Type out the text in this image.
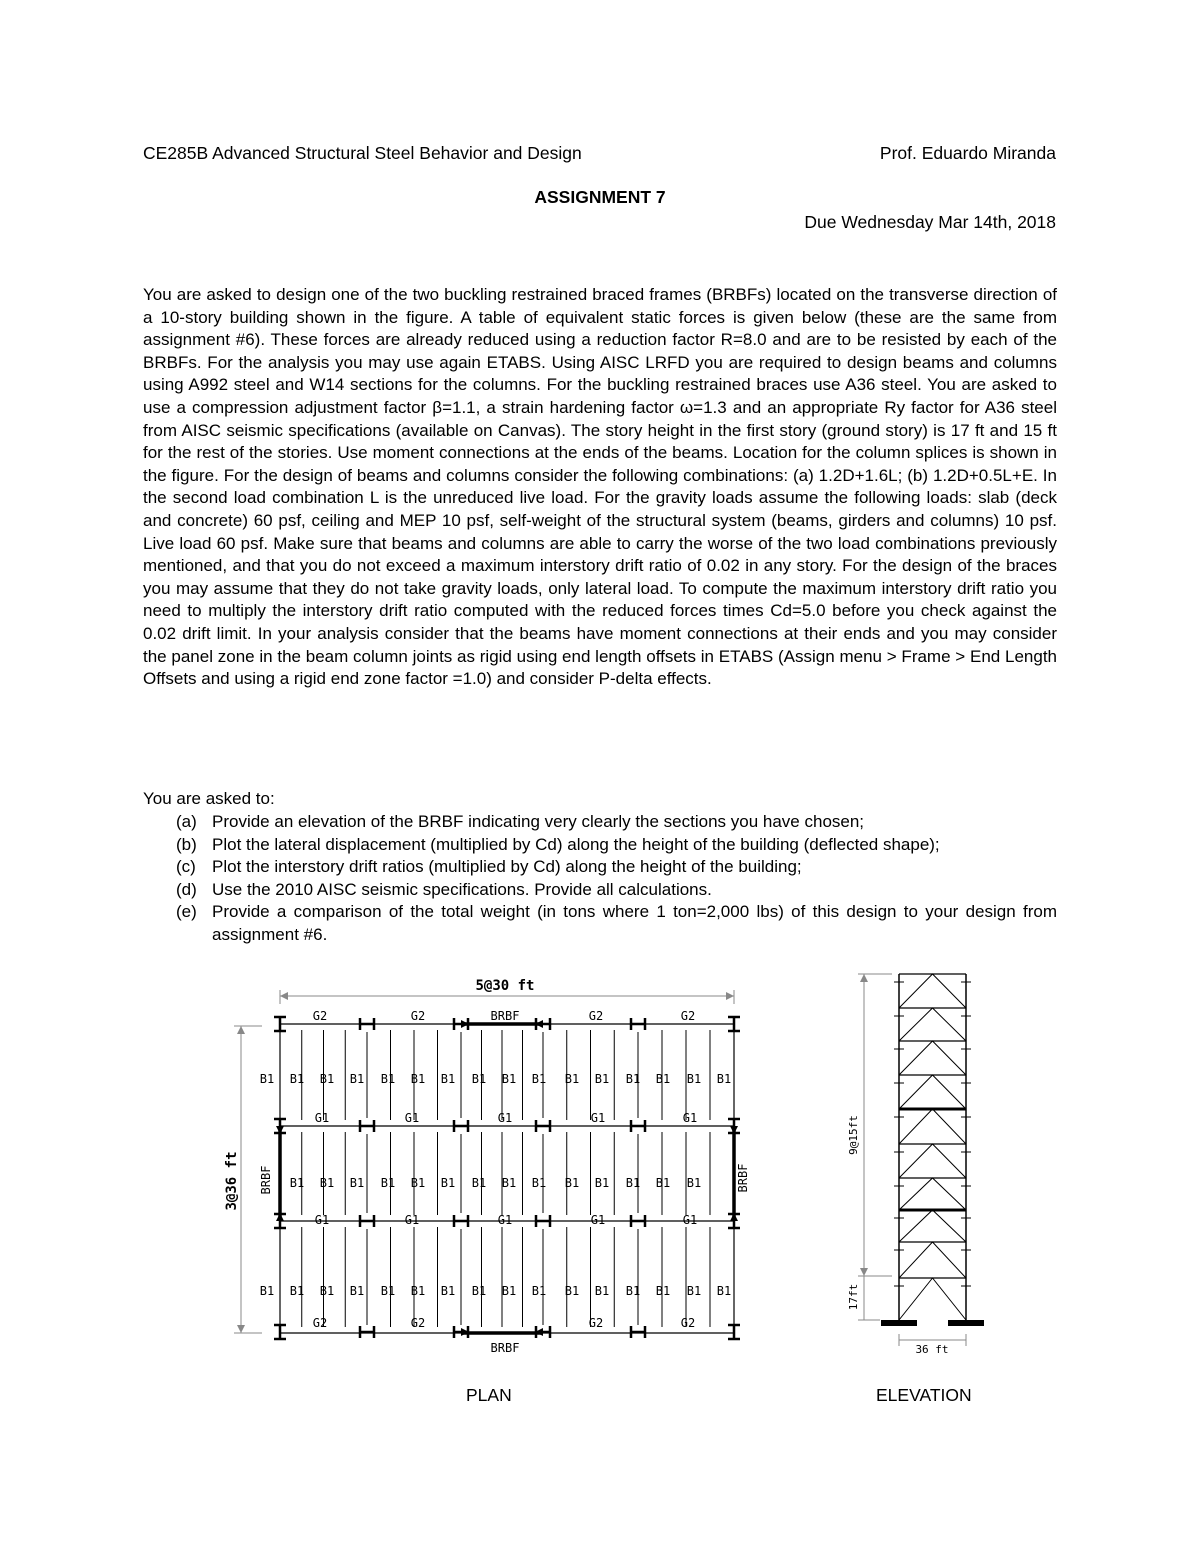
CE285B Advanced Structural Steel Behavior and Design	Prof. Eduardo Miranda
ASSIGNMENT 7
Due Wednesday Mar 14th, 2018
You are asked to design one of the two buckling restrained braced frames (BRBFs) located on the transverse direction of a 10-story building shown in the figure. A table of equivalent static forces is given below (these are the same from assignment #6). These forces are already reduced using a reduction factor R=8.0 and are to be resisted by each of the BRBFs. For the analysis you may use again ETABS. Using AISC LRFD you are required to design beams and columns using A992 steel and W14 sections for the columns. For the buckling restrained braces use A36 steel. You are asked to use a compression adjustment factor β=1.1, a strain hardening factor ω=1.3 and an appropriate Ry factor for A36 steel from AISC seismic specifications (available on Canvas). The story height in the first story (ground story) is 17 ft and 15 ft for the rest of the stories. Use moment connections at the ends of the beams. Location for the column splices is shown in the figure. For the design of beams and columns consider the following combinations: (a) 1.2D+1.6L; (b) 1.2D+0.5L+E. In the second load combination L is the unreduced live load. For the gravity loads assume the following loads: slab (deck and concrete) 60 psf, ceiling and MEP 10 psf, self-weight of the structural system (beams, girders and columns) 10 psf. Live load 60 psf. Make sure that beams and columns are able to carry the worse of the two load combinations previously mentioned, and that you do not exceed a maximum interstory drift ratio of 0.02 in any story. For the design of the braces you may assume that they do not take gravity loads, only lateral load. To compute the maximum interstory drift ratio you need to multiply the interstory drift ratio computed with the reduced forces times Cd=5.0 before you check against the 0.02 drift limit. In your analysis consider that the beams have moment connections at their ends and you may consider the panel zone in the beam column joints as rigid using end length offsets in ETABS (Assign menu > Frame > End Length Offsets and using a rigid end zone factor =1.0) and consider P-delta effects.
You are asked to:
(a) Provide an elevation of the BRBF indicating very clearly the sections you have chosen;
(b) Plot the lateral displacement (multiplied by Cd) along the height of the building (deflected shape);
(c) Plot the interstory drift ratios (multiplied by Cd) along the height of the building;
(d) Use the 2010 AISC seismic specifications. Provide all calculations.
(e) Provide a comparison of the total weight (in tons where 1 ton=2,000 lbs) of this design to your design from assignment #6.
G2
G2
G2
G2
G2
G2
G2
G2
BRBF
BRBF
G1	G1	G1	G1	G1
G1	G1	G1	G1	G1
B1
B1
B1
B1
B1
B1
B1
B1
B1
B1
B1
B1
B1
B1
B1
B1
B1
B1
B1
B1
B1
B1
B1
B1
B1
B1
B1
B1
B1
B1
B1
B1
B1 B1 B1 B1 B1 B1 B1 B1 B1 B1 B1 B1 B1 B1
BRBF	BRBF
5@30 ft
3@36 ft
9@15ft
17ft
36 ft
PLAN	ELEVATION
